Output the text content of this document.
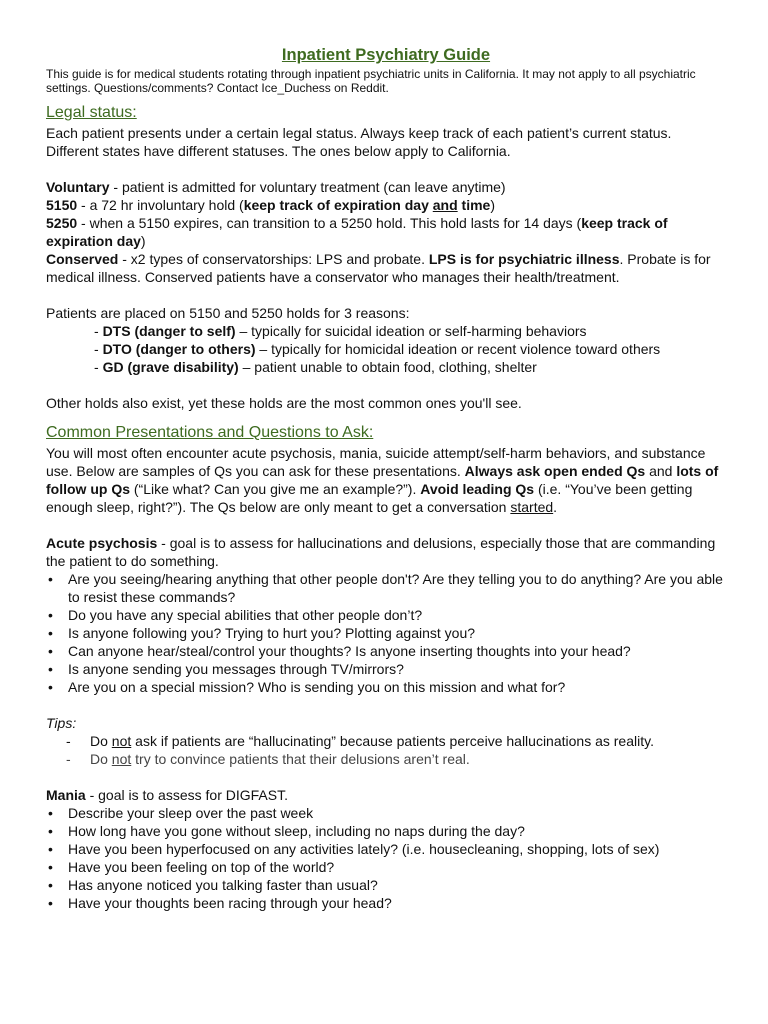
Inpatient Psychiatry Guide

This guide is for medical students rotating through inpatient psychiatric units in California. It may not apply to all psychiatric settings. Questions/comments? Contact Ice_Duchess on Reddit.

Legal status:

Each patient presents under a certain legal status. Always keep track of each patient’s current status. Different states have different statuses. The ones below apply to California.

Voluntary - patient is admitted for voluntary treatment (can leave anytime)

5150 - a 72 hr involuntary hold (keep track of expiration day and time)

5250 - when a 5150 expires, can transition to a 5250 hold. This hold lasts for 14 days (keep track of expiration day)

Conserved - x2 types of conservatorships: LPS and probate. LPS is for psychiatric illness. Probate is for medical illness. Conserved patients have a conservator who manages their health/treatment.

Patients are placed on 5150 and 5250 holds for 3 reasons:

- DTS (danger to self) – typically for suicidal ideation or self-harming behaviors

- DTO (danger to others) – typically for homicidal ideation or recent violence toward others

- GD (grave disability) – patient unable to obtain food, clothing, shelter

Other holds also exist, yet these holds are the most common ones you'll see.

Common Presentations and Questions to Ask:

You will most often encounter acute psychosis, mania, suicide attempt/self-harm behaviors, and substance use. Below are samples of Qs you can ask for these presentations. Always ask open ended Qs and lots of follow up Qs (“Like what? Can you give me an example?”). Avoid leading Qs (i.e. “You’ve been getting enough sleep, right?”). The Qs below are only meant to get a conversation started.

Acute psychosis - goal is to assess for hallucinations and delusions, especially those that are commanding the patient to do something.

• Are you seeing/hearing anything that other people don't? Are they telling you to do anything? Are you able to resist these commands?
• Do you have any special abilities that other people don’t?
• Is anyone following you? Trying to hurt you? Plotting against you?
• Can anyone hear/steal/control your thoughts? Is anyone inserting thoughts into your head?
• Is anyone sending you messages through TV/mirrors?
• Are you on a special mission? Who is sending you on this mission and what for?

Tips:

- Do not ask if patients are “hallucinating” because patients perceive hallucinations as reality.
- Do not try to convince patients that their delusions aren’t real.

Mania - goal is to assess for DIGFAST.

• Describe your sleep over the past week
• How long have you gone without sleep, including no naps during the day?
• Have you been hyperfocused on any activities lately? (i.e. housecleaning, shopping, lots of sex)
• Have you been feeling on top of the world?
• Has anyone noticed you talking faster than usual?
• Have your thoughts been racing through your head?
